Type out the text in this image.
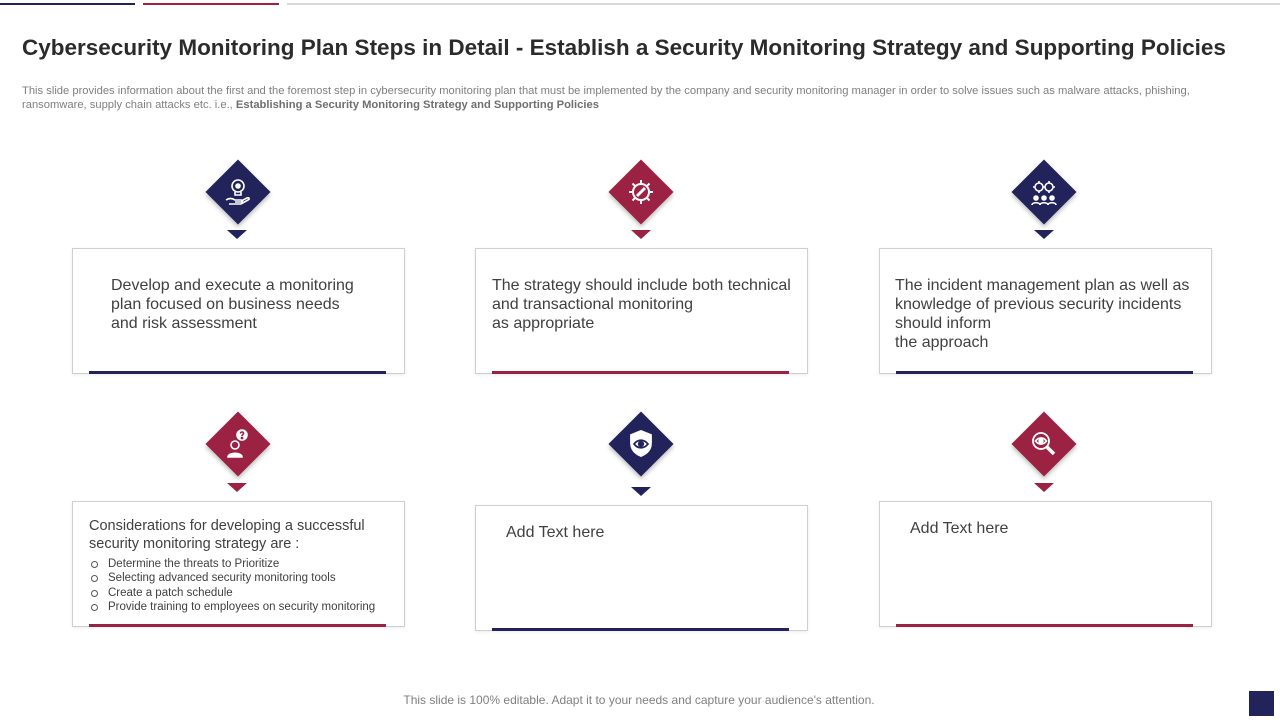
Cybersecurity Monitoring Plan Steps in Detail - Establish a Security Monitoring Strategy and Supporting Policies

This slide provides information about the first and the foremost step in cybersecurity monitoring plan that must be implemented by the company and security monitoring manager in order to solve issues such as malware attacks, phishing, ransomware, supply chain attacks etc. i.e., Establishing a Security Monitoring Strategy and Supporting Policies

Develop and execute a monitoring
plan focused on business needs
and risk assessment
The strategy should include both technical
and transactional monitoring
as appropriate
The incident management plan as well as
knowledge of previous security incidents
should inform
the approach
Considerations for developing a successful
security monitoring strategy are :
Determine the threats to Prioritize
Selecting advanced security monitoring tools
Create a patch schedule
Provide training to employees on security monitoring
Add Text here	Add Text here
This slide is 100% editable. Adapt it to your needs and capture your audience's attention.
